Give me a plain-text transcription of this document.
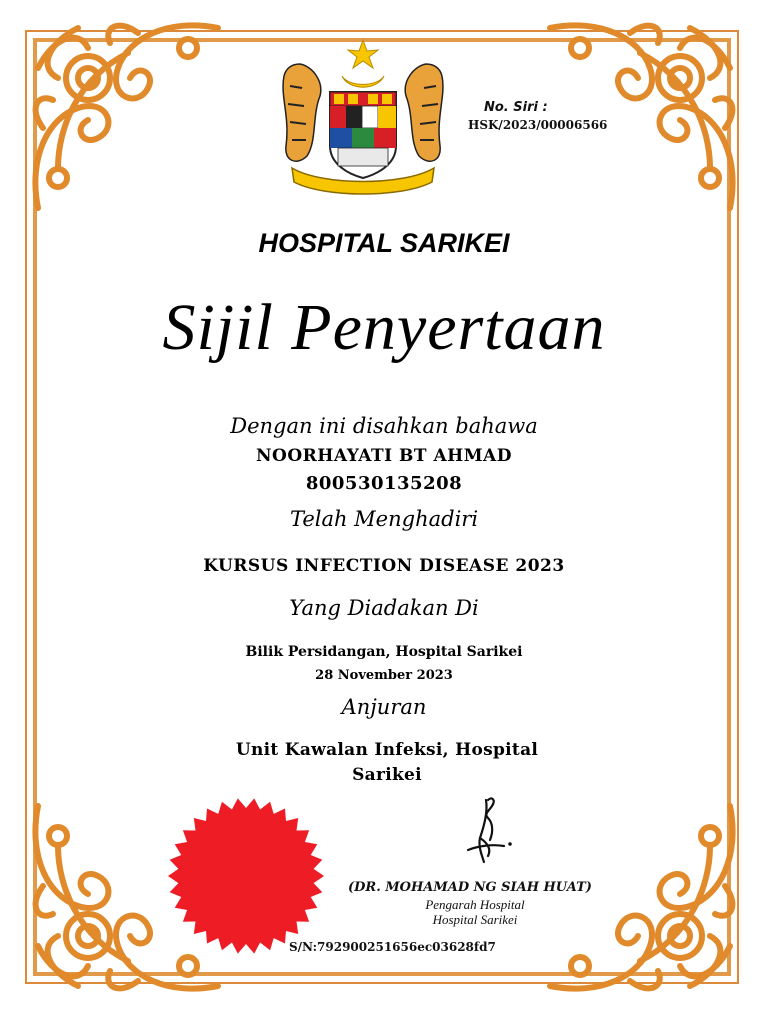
No. Siri :
HSK/2023/00006566
HOSPITAL SARIKEI
Sijil Penyertaan
Dengan ini disahkan bahawa
NOORHAYATI BT AHMAD
800530135208
Telah Menghadiri
KURSUS INFECTION DISEASE 2023
Yang Diadakan Di
Bilik Persidangan, Hospital Sarikei
28 November 2023
Anjuran
Unit Kawalan Infeksi, Hospital Sarikei
(DR. MOHAMAD NG SIAH HUAT)
Pengarah Hospital
Hospital Sarikei
S/N:792900251656ec03628fd7
